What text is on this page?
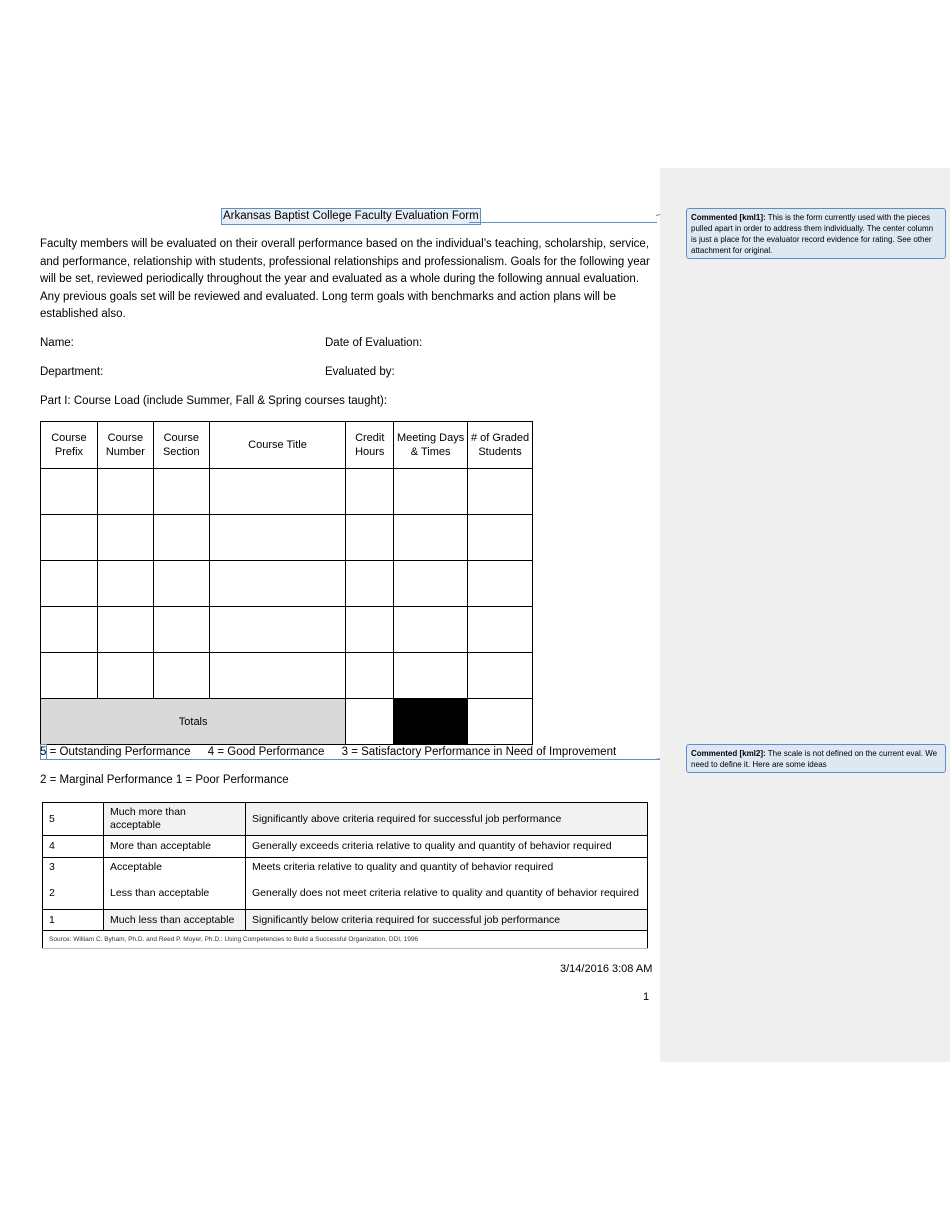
Arkansas Baptist College Faculty Evaluation Form

Faculty members will be evaluated on their overall performance based on the individual’s teaching, scholarship, service, and performance, relationship with students, professional relationships and professionalism. Goals for the following year will be set, reviewed periodically throughout the year and evaluated as a whole during the following annual evaluation. Any previous goals set will be reviewed and evaluated. Long term goals with benchmarks and action plans will be established also.

Name:	Date of Evaluation:
Department:	Evaluated by:
Part I: Course Load (include Summer, Fall & Spring courses taught):
Course Prefix	Course Number	Course Section	Course Title	Credit Hours	Meeting Days & Times	# of Graded Students

Totals						
5 = Outstanding Performance 4 = Good Performance 3 = Satisfactory Performance in Need of Improvement
2 = Marginal Performance 1 = Poor Performance
5	Much more than acceptable	Significantly above criteria required for successful job performance
4	More than acceptable	Generally exceeds criteria relative to quality and quantity of behavior required
3	Acceptable	Meets criteria relative to quality and quantity of behavior required
2	Less than acceptable	Generally does not meet criteria relative to quality and quantity of behavior required
1	Much less than acceptable	Significantly below criteria required for successful job performance
Source: William C. Byham, Ph.D. and Reed P. Moyer, Ph.D.: Using Competencies to Build a Successful Organization, DDI, 1996		
3/14/2016 3:08 AM
1
Commented [kml1]: This is the form currently used with the pieces pulled apart in order to address them individually. The center column is just a place for the evaluator record evidence for rating. See other attachment for original.
Commented [kml2]: The scale is not defined on the current eval. We need to define it. Here are some ideas
